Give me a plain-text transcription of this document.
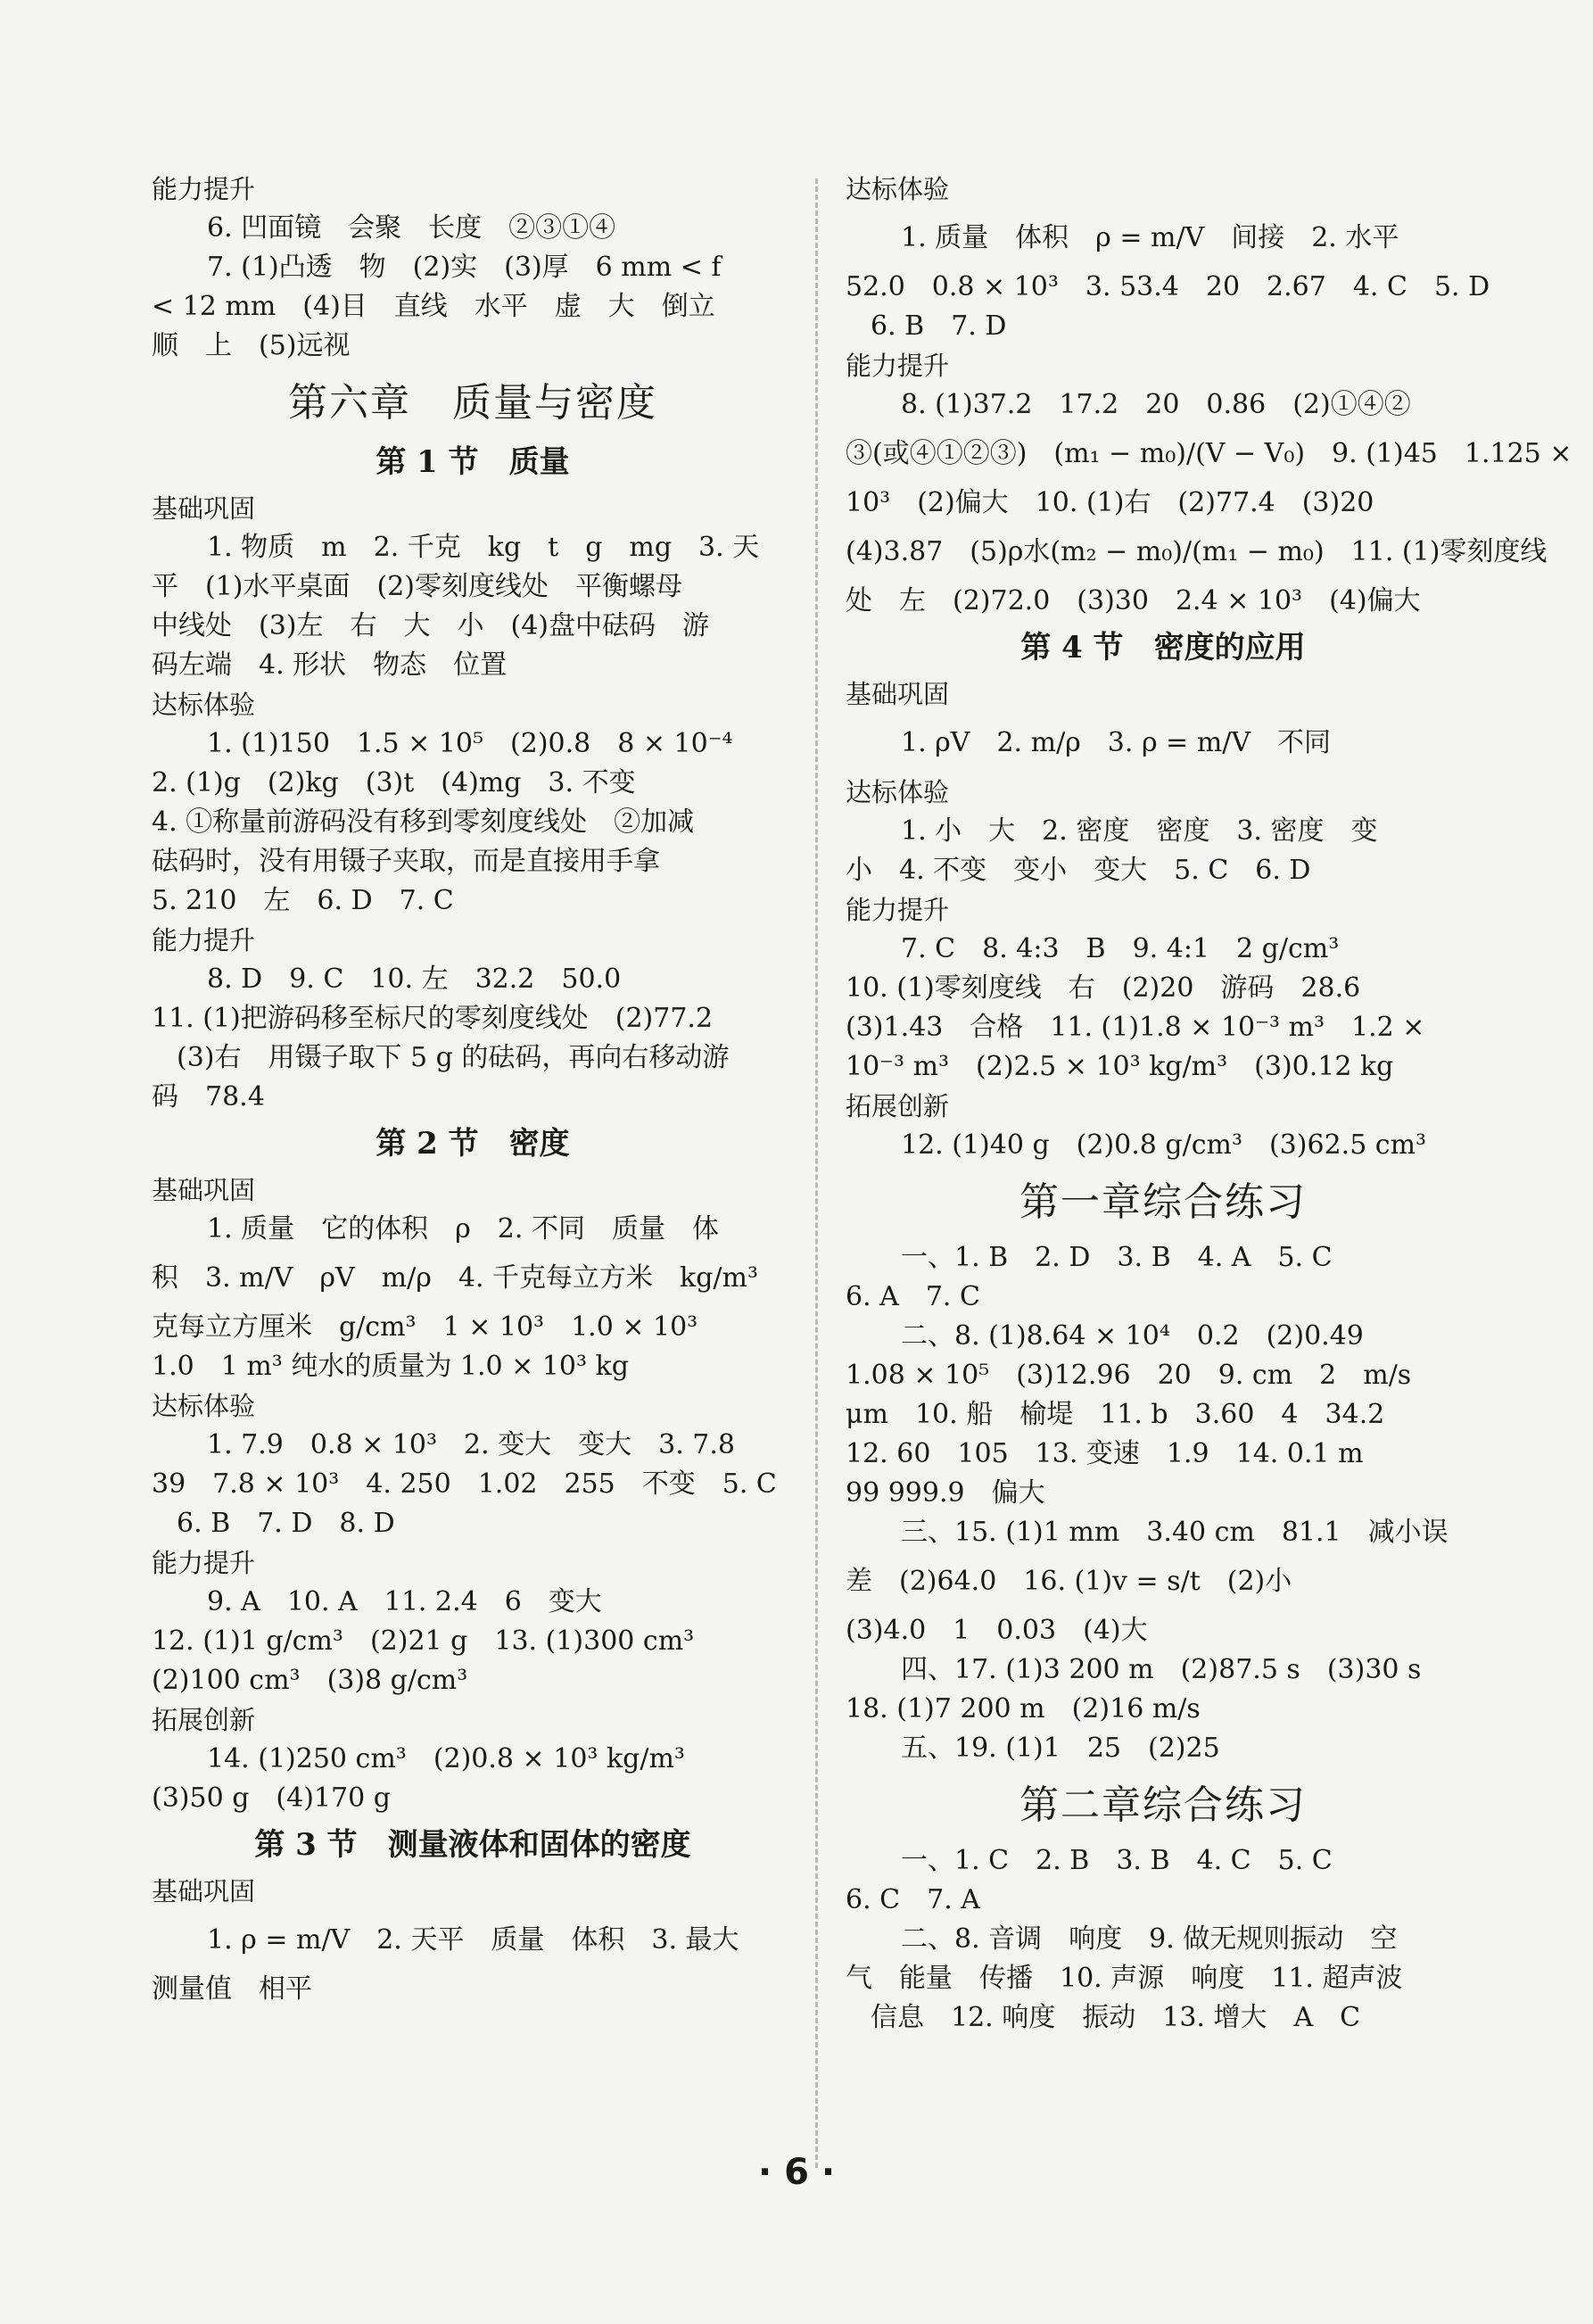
能力提升
6. 凹面镜　会聚　长度　②③①④
7. (1)凸透　物　(2)实　(3)厚　6 mm < f
< 12 mm　(4)目　直线　水平　虚　大　倒立
顺　上　(5)远视
第六章　质量与密度
第 1 节　质量
基础巩固
1. 物质　m　2. 千克　kg　t　g　mg　3. 天
平　(1)水平桌面　(2)零刻度线处　平衡螺母
中线处　(3)左　右　大　小　(4)盘中砝码　游
码左端　4. 形状　物态　位置
达标体验
1. (1)150　1.5 × 10⁵　(2)0.8　8 × 10⁻⁴
2. (1)g　(2)kg　(3)t　(4)mg　3. 不变
4. ①称量前游码没有移到零刻度线处　②加减
砝码时，没有用镊子夹取，而是直接用手拿
5. 210　左　6. D　7. C
能力提升
8. D　9. C　10. 左　32.2　50.0
11. (1)把游码移至标尺的零刻度线处　(2)77.2
(3)右　用镊子取下 5 g 的砝码，再向右移动游
码　78.4
第 2 节　密度
基础巩固
1. 质量　它的体积　ρ　2. 不同　质量　体
积　3. m/V　ρV　m/ρ　4. 千克每立方米　kg/m³
克每立方厘米　g/cm³　1 × 10³　1.0 × 10³
1.0　1 m³ 纯水的质量为 1.0 × 10³ kg
达标体验
1. 7.9　0.8 × 10³　2. 变大　变大　3. 7.8
39　7.8 × 10³　4. 250　1.02　255　不变　5. C
6. B　7. D　8. D
能力提升
9. A　10. A　11. 2.4　6　变大
12. (1)1 g/cm³　(2)21 g　13. (1)300 cm³
(2)100 cm³　(3)8 g/cm³
拓展创新
14. (1)250 cm³　(2)0.8 × 10³ kg/m³
(3)50 g　(4)170 g
第 3 节　测量液体和固体的密度
基础巩固
1. ρ = m/V　2. 天平　质量　体积　3. 最大
测量值　相平
达标体验
1. 质量　体积　ρ = m/V　间接　2. 水平
52.0　0.8 × 10³　3. 53.4　20　2.67　4. C　5. D
6. B　7. D
能力提升
8. (1)37.2　17.2　20　0.86　(2)①④②
③(或④①②③)　(m₁ − m₀)/(V − V₀)　9. (1)45　1.125 ×
10³　(2)偏大　10. (1)右　(2)77.4　(3)20
(4)3.87　(5)ρ水(m₂ − m₀)/(m₁ − m₀)　11. (1)零刻度线
处　左　(2)72.0　(3)30　2.4 × 10³　(4)偏大
第 4 节　密度的应用
基础巩固
1. ρV　2. m/ρ　3. ρ = m/V　不同
达标体验
1. 小　大　2. 密度　密度　3. 密度　变
小　4. 不变　变小　变大　5. C　6. D
能力提升
7. C　8. 4:3　B　9. 4:1　2 g/cm³
10. (1)零刻度线　右　(2)20　游码　28.6
(3)1.43　合格　11. (1)1.8 × 10⁻³ m³　1.2 ×
10⁻³ m³　(2)2.5 × 10³ kg/m³　(3)0.12 kg
拓展创新
12. (1)40 g　(2)0.8 g/cm³　(3)62.5 cm³
第一章综合练习
一、1. B　2. D　3. B　4. A　5. C
6. A　7. C
二、8. (1)8.64 × 10⁴　0.2　(2)0.49
1.08 × 10⁵　(3)12.96　20　9. cm　2　m/s
μm　10. 船　榆堤　11. b　3.60　4　34.2
12. 60　105　13. 变速　1.9　14. 0.1 m
99 999.9　偏大
三、15. (1)1 mm　3.40 cm　81.1　减小误
差　(2)64.0　16. (1)v = s/t　(2)小
(3)4.0　1　0.03　(4)大
四、17. (1)3 200 m　(2)87.5 s　(3)30 s
18. (1)7 200 m　(2)16 m/s
五、19. (1)1　25　(2)25
第二章综合练习
一、1. C　2. B　3. B　4. C　5. C
6. C　7. A
二、8. 音调　响度　9. 做无规则振动　空
气　能量　传播　10. 声源　响度　11. 超声波
信息　12. 响度　振动　13. 增大　A　C
· 6 ·
